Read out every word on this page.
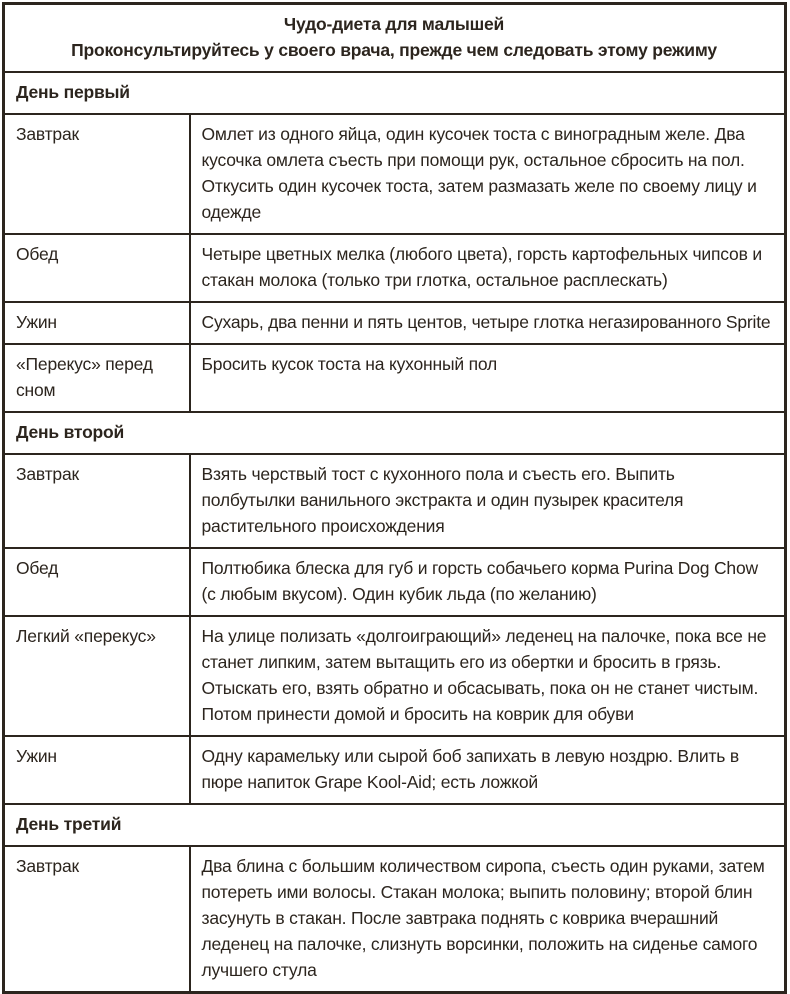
Чудо-диета для малышей
Проконсультируйтесь у своего врача, прежде чем следовать этому режиму	

День первый	
Завтрак	Омлет из одного яйца, один кусочек тоста с виноградным желе. Два кусочка омлета съесть при помощи рук, остальное сбросить на пол. Откусить один кусочек тоста, затем размазать желе по своему лицу и одежде
Обед	Четыре цветных мелка (любого цвета), горсть картофельных чипсов и стакан молока (только три глотка, остальное расплескать)
Ужин	Сухарь, два пенни и пять центов, четыре глотка негазированного Sprite
«Перекус» перед сном	Бросить кусок тоста на кухонный пол
День второй	
Завтрак	Взять черствый тост с кухонного пола и съесть его. Выпить полбутылки ванильного экстракта и один пузырек красителя растительного происхождения
Обед	Полтюбика блеска для губ и горсть собачьего корма Purina Dog Chow (с любым вкусом). Один кубик льда (по желанию)
Легкий «перекус»	На улице полизать «долгоиграющий» леденец на палочке, пока все не станет липким, затем вытащить его из обертки и бросить в грязь. Отыскать его, взять обратно и обсасывать, пока он не станет чистым. Потом принести домой и бросить на коврик для обуви
Ужин	Одну карамельку или сырой боб запихать в левую ноздрю. Влить в пюре напиток Grape Kool-Aid; есть ложкой
День третий	
Завтрак	Два блина с большим количеством сиропа, съесть один руками, затем потереть ими волосы. Стакан молока; выпить половину; второй блин засунуть в стакан. После завтрака поднять с коврика вчерашний леденец на палочке, слизнуть ворсинки, положить на сиденье самого лучшего стула
